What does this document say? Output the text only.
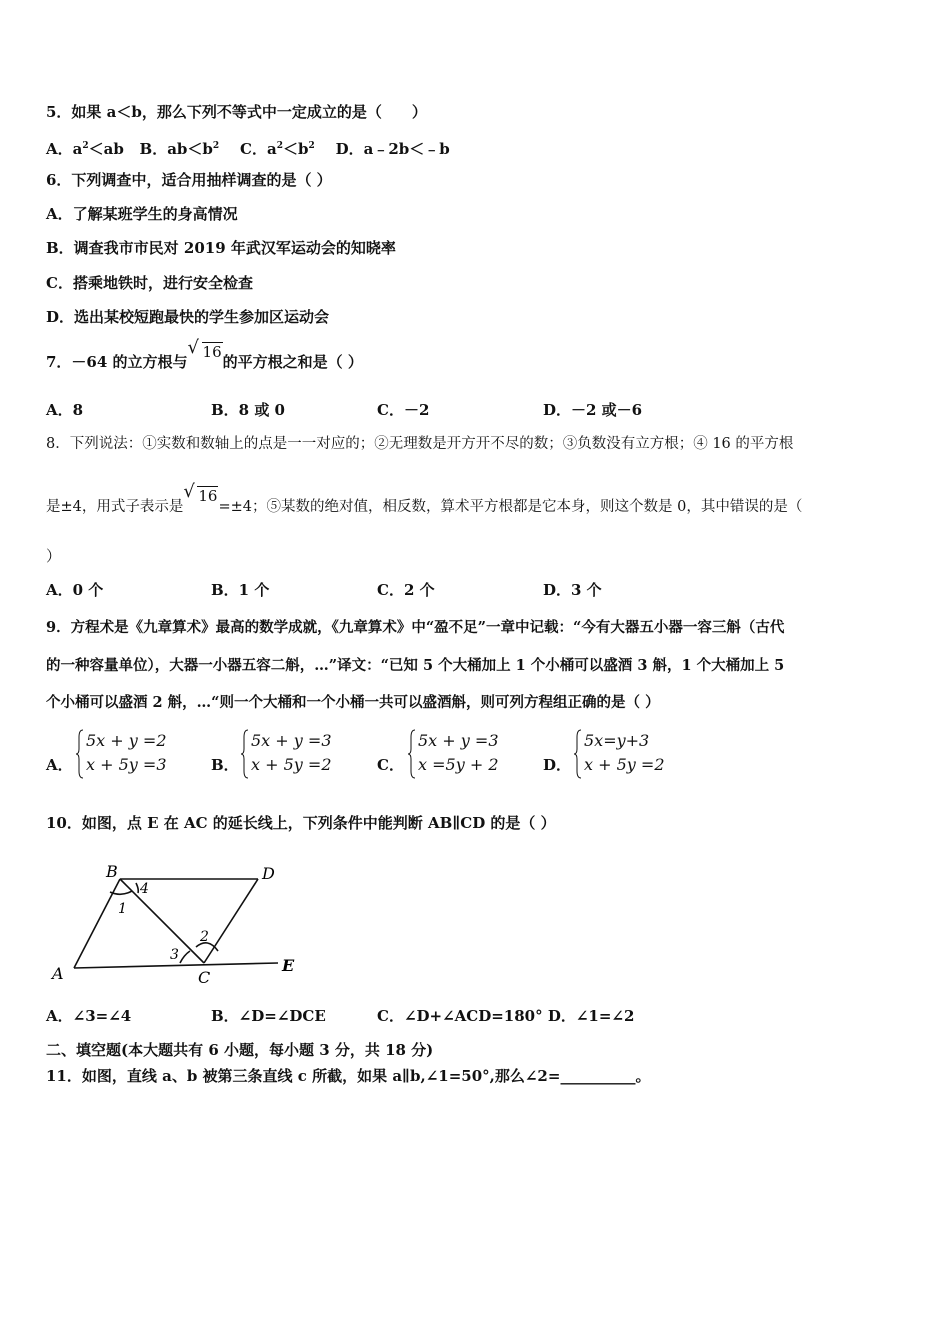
5．如果 a＜b，那么下列不等式中一定成立的是（　　）
A．$a^2<ab$ B．$ab<b^2$ C．$a^2<b^2$ D．a﹣2b＜﹣b
6．下列调查中，适合用抽样调查的是（ ）
A．了解某班学生的身高情况
B．调查我市市民对 2019 年武汉军运动会的知晓率
C．搭乘地铁时，进行安全检查
D．选出某校短跑最快的学生参加区运动会
7．－64 的立方根与
√ 16的平方根之和是（ ）
A．8	B．8 或 0	C．－2	D．－2 或－6
8．下列说法：①实数和数轴上的点是一一对应的；②无理数是开方开不尽的数；③负数没有立方根；④ 16 的平方根
是±4，用式子表示是
√ 16=±4；⑤某数的绝对值，相反数，算术平方根都是它本身，则这个数是 0，其中错误的是（
）
A．0 个	B．1 个	C．2 个	D．3 个
9．方程术是《九章算术》最高的数学成就，《九章算术》中“盈不足”一章中记载：“今有大器五小器一容三斛（古代
的一种容量单位），大器一小器五容二斛，…”译文：“已知 5 个大桶加上 1 个小桶可以盛酒 3 斛，1 个大桶加上 5
个小桶可以盛酒 2 斛，…“则一个大桶和一个小桶一共可以盛酒斛，则可列方程组正确的是（ ）
A．
5x + y =2
x + 5y =3	B．
5x + y =3
x + 5y =2	C．
5x + y =3
x =5y + 2	D．
5x=y+3
x + 5y =2
10．如图，点 E 在 AC 的延长线上，下列条件中能判断 AB∥CD 的是（ ）
B	D
A	C
E
1
2
3
4
A．∠3=∠4	B．∠D=∠DCE	C．∠D+∠ACD=180° D．∠1=∠2
二、填空题(本大题共有 6 小题，每小题 3 分，共 18 分)
11．如图，直线 a、b 被第三条直线 c 所截，如果 a∥b,∠1=50°,那么∠2=__________。
